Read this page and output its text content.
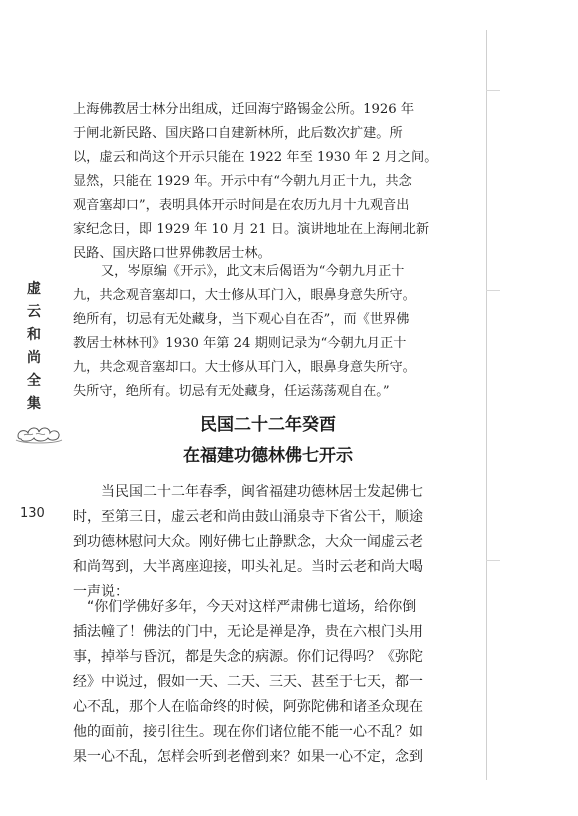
虚
云
和
尚
全
集
130
上海佛教居士林分出组成，迁回海宁路锡金公所。1926 年
于闸北新民路、国庆路口自建新林所，此后数次扩建。所
以，虚云和尚这个开示只能在 1922 年至 1930 年 2 月之间。
显然，只能在 1929 年。开示中有“今朝九月正十九，共念
观音塞却口”，表明具体开示时间是在农历九月十九观音出
家纪念日，即 1929 年 10 月 21 日。演讲地址在上海闸北新
民路、国庆路口世界佛教居士林。
又，岑原编《开示》，此文末后偈语为“今朝九月正十
九，共念观音塞却口，大士修从耳门入，眼鼻身意失所守。
绝所有，切忌有无处藏身，当下观心自在否”，而《世界佛
教居士林林刊》1930 年第 24 期则记录为“今朝九月正十
九，共念观音塞却口。大士修从耳门入，眼鼻身意失所守。
失所守，绝所有。切忌有无处藏身，任运荡荡观自在。”
民国二十二年癸酉
在福建功德林佛七开示
当民国二十二年春季，闽省福建功德林居士发起佛七
时，至第三日，虚云老和尚由鼓山涌泉寺下省公干，顺途
到功德林慰问大众。刚好佛七止静默念，大众一闻虚云老
和尚驾到，大半离座迎接，叩头礼足。当时云老和尚大喝
一声说：
“你们学佛好多年，今天对这样严肃佛七道场，给你倒
插法幢了！佛法的门中，无论是禅是净，贵在六根门头用
事，掉举与昏沉，都是失念的病源。你们记得吗？《弥陀
经》中说过，假如一天、二天、三天、甚至于七天，都一
心不乱，那个人在临命终的时候，阿弥陀佛和诸圣众现在
他的面前，接引往生。现在你们诸位能不能一心不乱？如
果一心不乱，怎样会听到老僧到来？如果一心不定，念到
